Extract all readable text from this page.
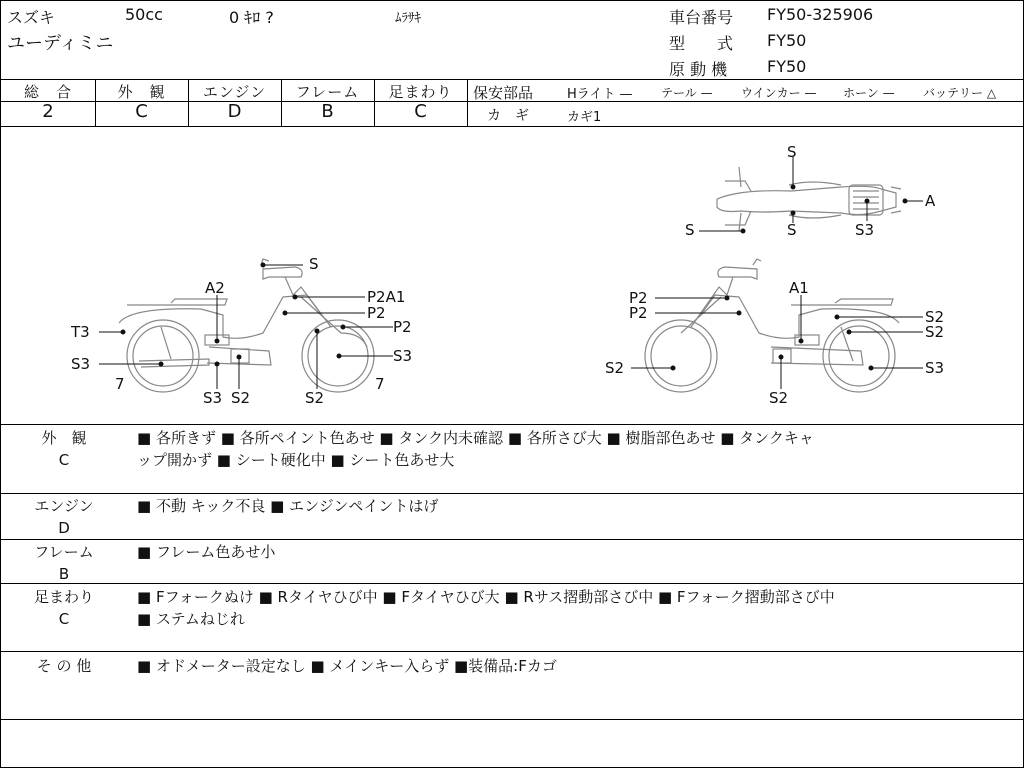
スズキ	50cc	0 ｷﾛ ?	ﾑﾗｻｷ
ユーディミニ
車台番号 FY50-325906
型　　式 FY50
原 動 機 FY50
総　合
2
外　観
C
エンジン
D
フレーム
B
足まわり
C
保安部品	Hライト — テール — ウインカー — ホーン — バッテリー △
カ　ギ	カギ1
S
S	S	S3
A
S
A2	P2A1
P2
P2
T3
S3	S3
7
S3 S2	S2
7
P2
P2
A1
S2
S2
S3
S2
S2
外　観
C
■ 各所きず ■ 各所ペイント色あせ ■ タンク内未確認 ■ 各所さび大 ■ 樹脂部色あせ ■ タンクキャ
ップ開かず ■ シート硬化中 ■ シート色あせ大
エンジン
D
■ 不動 キック不良 ■ エンジンペイントはげ
フレーム
B
■ フレーム色あせ小
足まわり
C
■ Fフォークぬけ ■ Rタイヤひび中 ■ Fタイヤひび大 ■ Rサス摺動部さび中 ■ Fフォーク摺動部さび中
■ ステムねじれ
そ の 他	■ オドメーター設定なし ■ メインキー入らず ■装備品:Fカゴ
